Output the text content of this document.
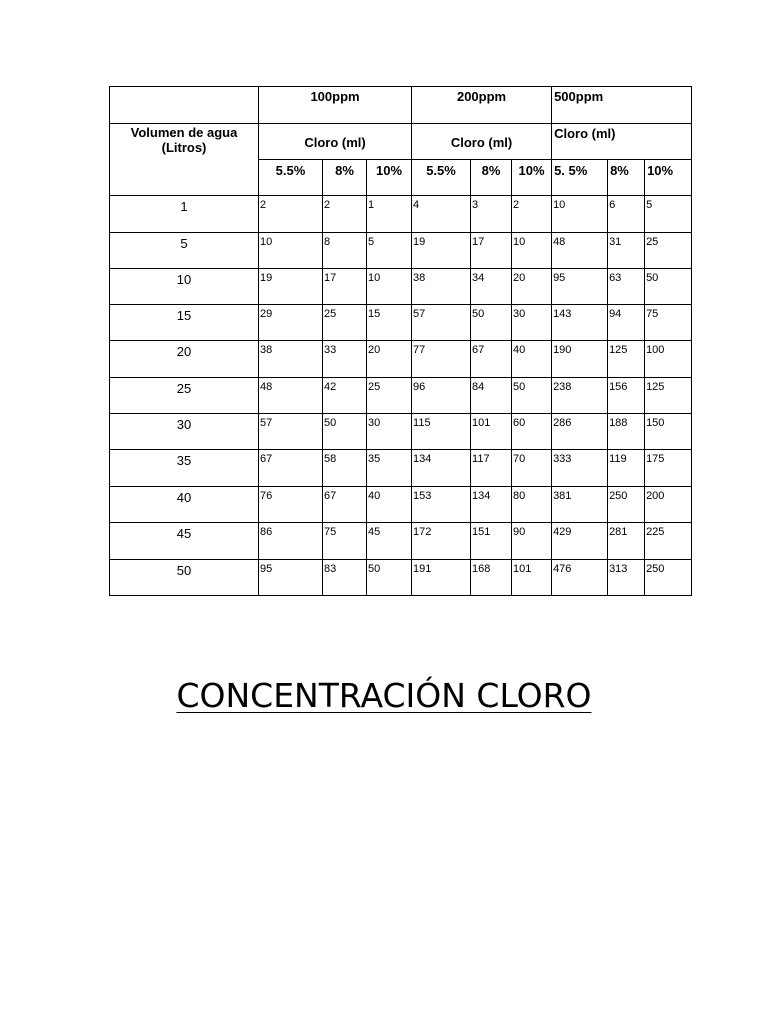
	100ppm			200ppm			500ppm		
Volumen de agua (Litros)	Cloro (ml)			Cloro (ml)			Cloro (ml)		
	5.5%	8%	10%	5.5%	8%	10%	5. 5%	8%	10%
1	2	2	1	4	3	2	10	6	5
5	10	8	5	19	17	10	48	31	25
10	19	17	10	38	34	20	95	63	50
15	29	25	15	57	50	30	143	94	75
20	38	33	20	77	67	40	190	125	100
25	48	42	25	96	84	50	238	156	125
30	57	50	30	115	101	60	286	188	150
35	67	58	35	134	117	70	333	119	175
40	76	67	40	153	134	80	381	250	200
45	86	75	45	172	151	90	429	281	225
50	95	83	50	191	168	101	476	313	250
CONCENTRACIÓN CLORO
